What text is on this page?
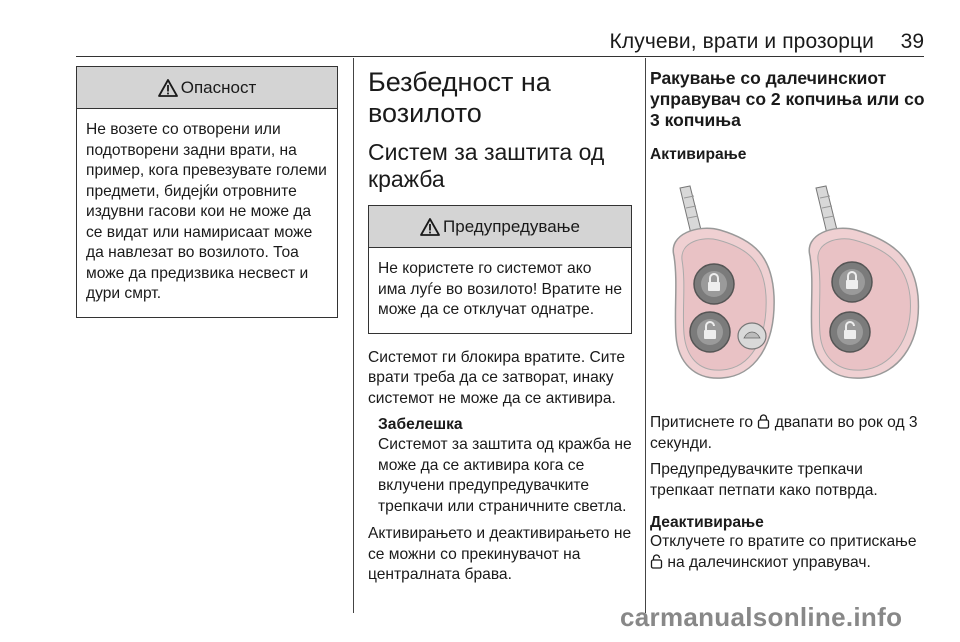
Клучеви, врати и прозорци 39
Опасност
Не возете со отворени или подотворени задни врати, на пример, кога превезувате големи предмети, бидејќи отровните издувни гасови кои не може да се видат или намирисаат може да навлезат во возилото. Тоа може да предизвика несвест и дури смрт.
Безбедност на возилото
Систем за заштита од кражба
Предупредување
Не користете го системот ако има луѓе во возилото! Вратите не може да се отклучат однатре.
Системот ги блокира вратите. Сите врати треба да се затворат, инаку системот не може да се активира.
Забелешка
Системот за заштита од кражба не може да се активира кога се вклучени предупредувачките трепкачи или страничните светла.
Активирањето и деактивирањето не се можни со прекинувачот на централната брава.
Ракување со далечинскиот управувач со 2 копчиња или со 3 копчиња
Активирање
Притиснете го двапати во рок од 3 секунди.
Предупредувачките трепкачи трепкаат петпати како потврда.
Деактивирање
Отклучете го вратите со притискање  на далечинскиот управувач.
carmanualsonline.info
